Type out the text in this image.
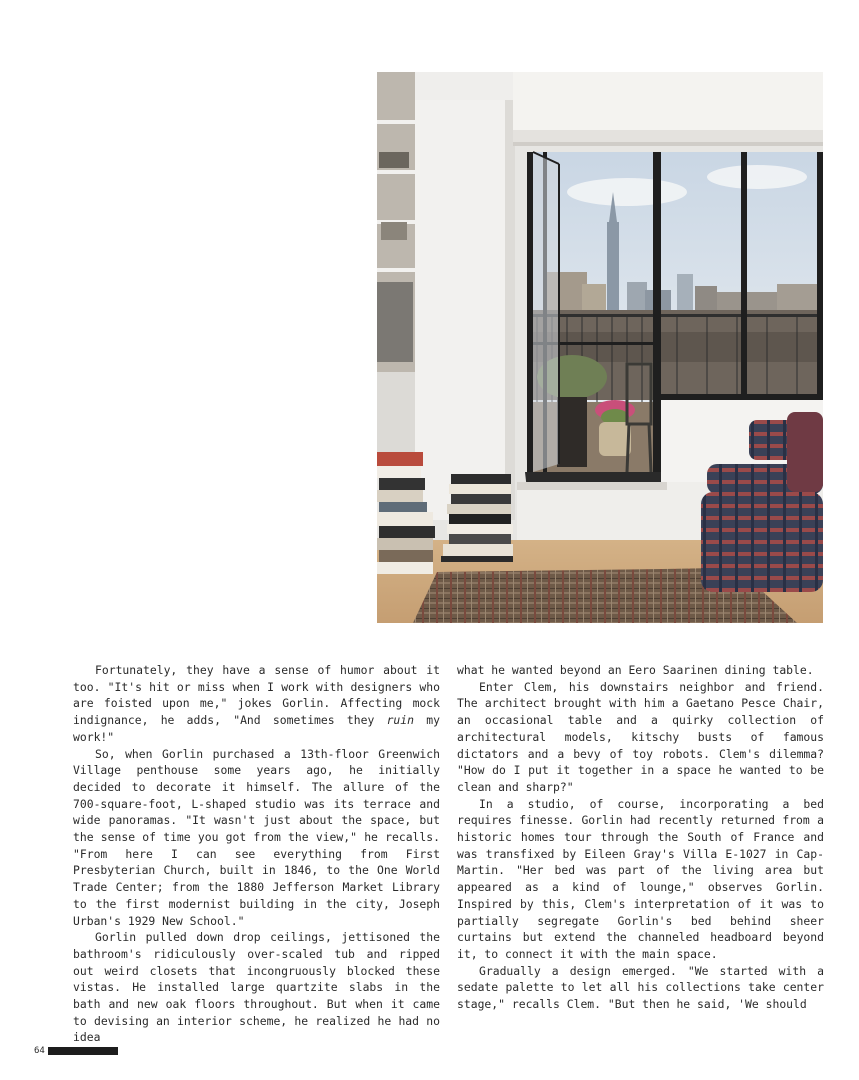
Fortunately, they have a sense of humor about it too. "It's hit or miss when I work with designers who are foisted upon me," jokes Gorlin. Affecting mock indignance, he adds, "And sometimes they ruin my work!"

So, when Gorlin purchased a 13th-floor Greenwich Village penthouse some years ago, he initially decided to decorate it himself. The allure of the 700-square-foot, L-shaped studio was its terrace and wide panoramas. "It wasn't just about the space, but the sense of time you got from the view," he recalls. "From here I can see everything from First Presbyterian Church, built in 1846, to the One World Trade Center; from the 1880 Jefferson Market Library to the first modernist building in the city, Joseph Urban's 1929 New School."

Gorlin pulled down drop ceilings, jettisoned the bathroom's ridiculously over-scaled tub and ripped out weird closets that incongruously blocked these vistas. He installed large quartzite slabs in the bath and new oak floors throughout. But when it came to devising an interior scheme, he realized he had no idea

what he wanted beyond an Eero Saarinen dining table.

Enter Clem, his downstairs neighbor and friend. The architect brought with him a Gaetano Pesce Chair, an occasional table and a quirky collection of architectural models, kitschy busts of famous dictators and a bevy of toy robots. Clem's dilemma? "How do I put it together in a space he wanted to be clean and sharp?"

In a studio, of course, incorporating a bed requires finesse. Gorlin had recently returned from a historic homes tour through the South of France and was transfixed by Eileen Gray's Villa E-1027 in Cap-Martin. "Her bed was part of the living area but appeared as a kind of lounge," observes Gorlin. Inspired by this, Clem's interpretation of it was to partially segregate Gorlin's bed behind sheer curtains but extend the channeled headboard beyond it, to connect it with the main space.

Gradually a design emerged. "We started with a sedate palette to let all his collections take center stage," recalls Clem. "But then he said, 'We should

64
